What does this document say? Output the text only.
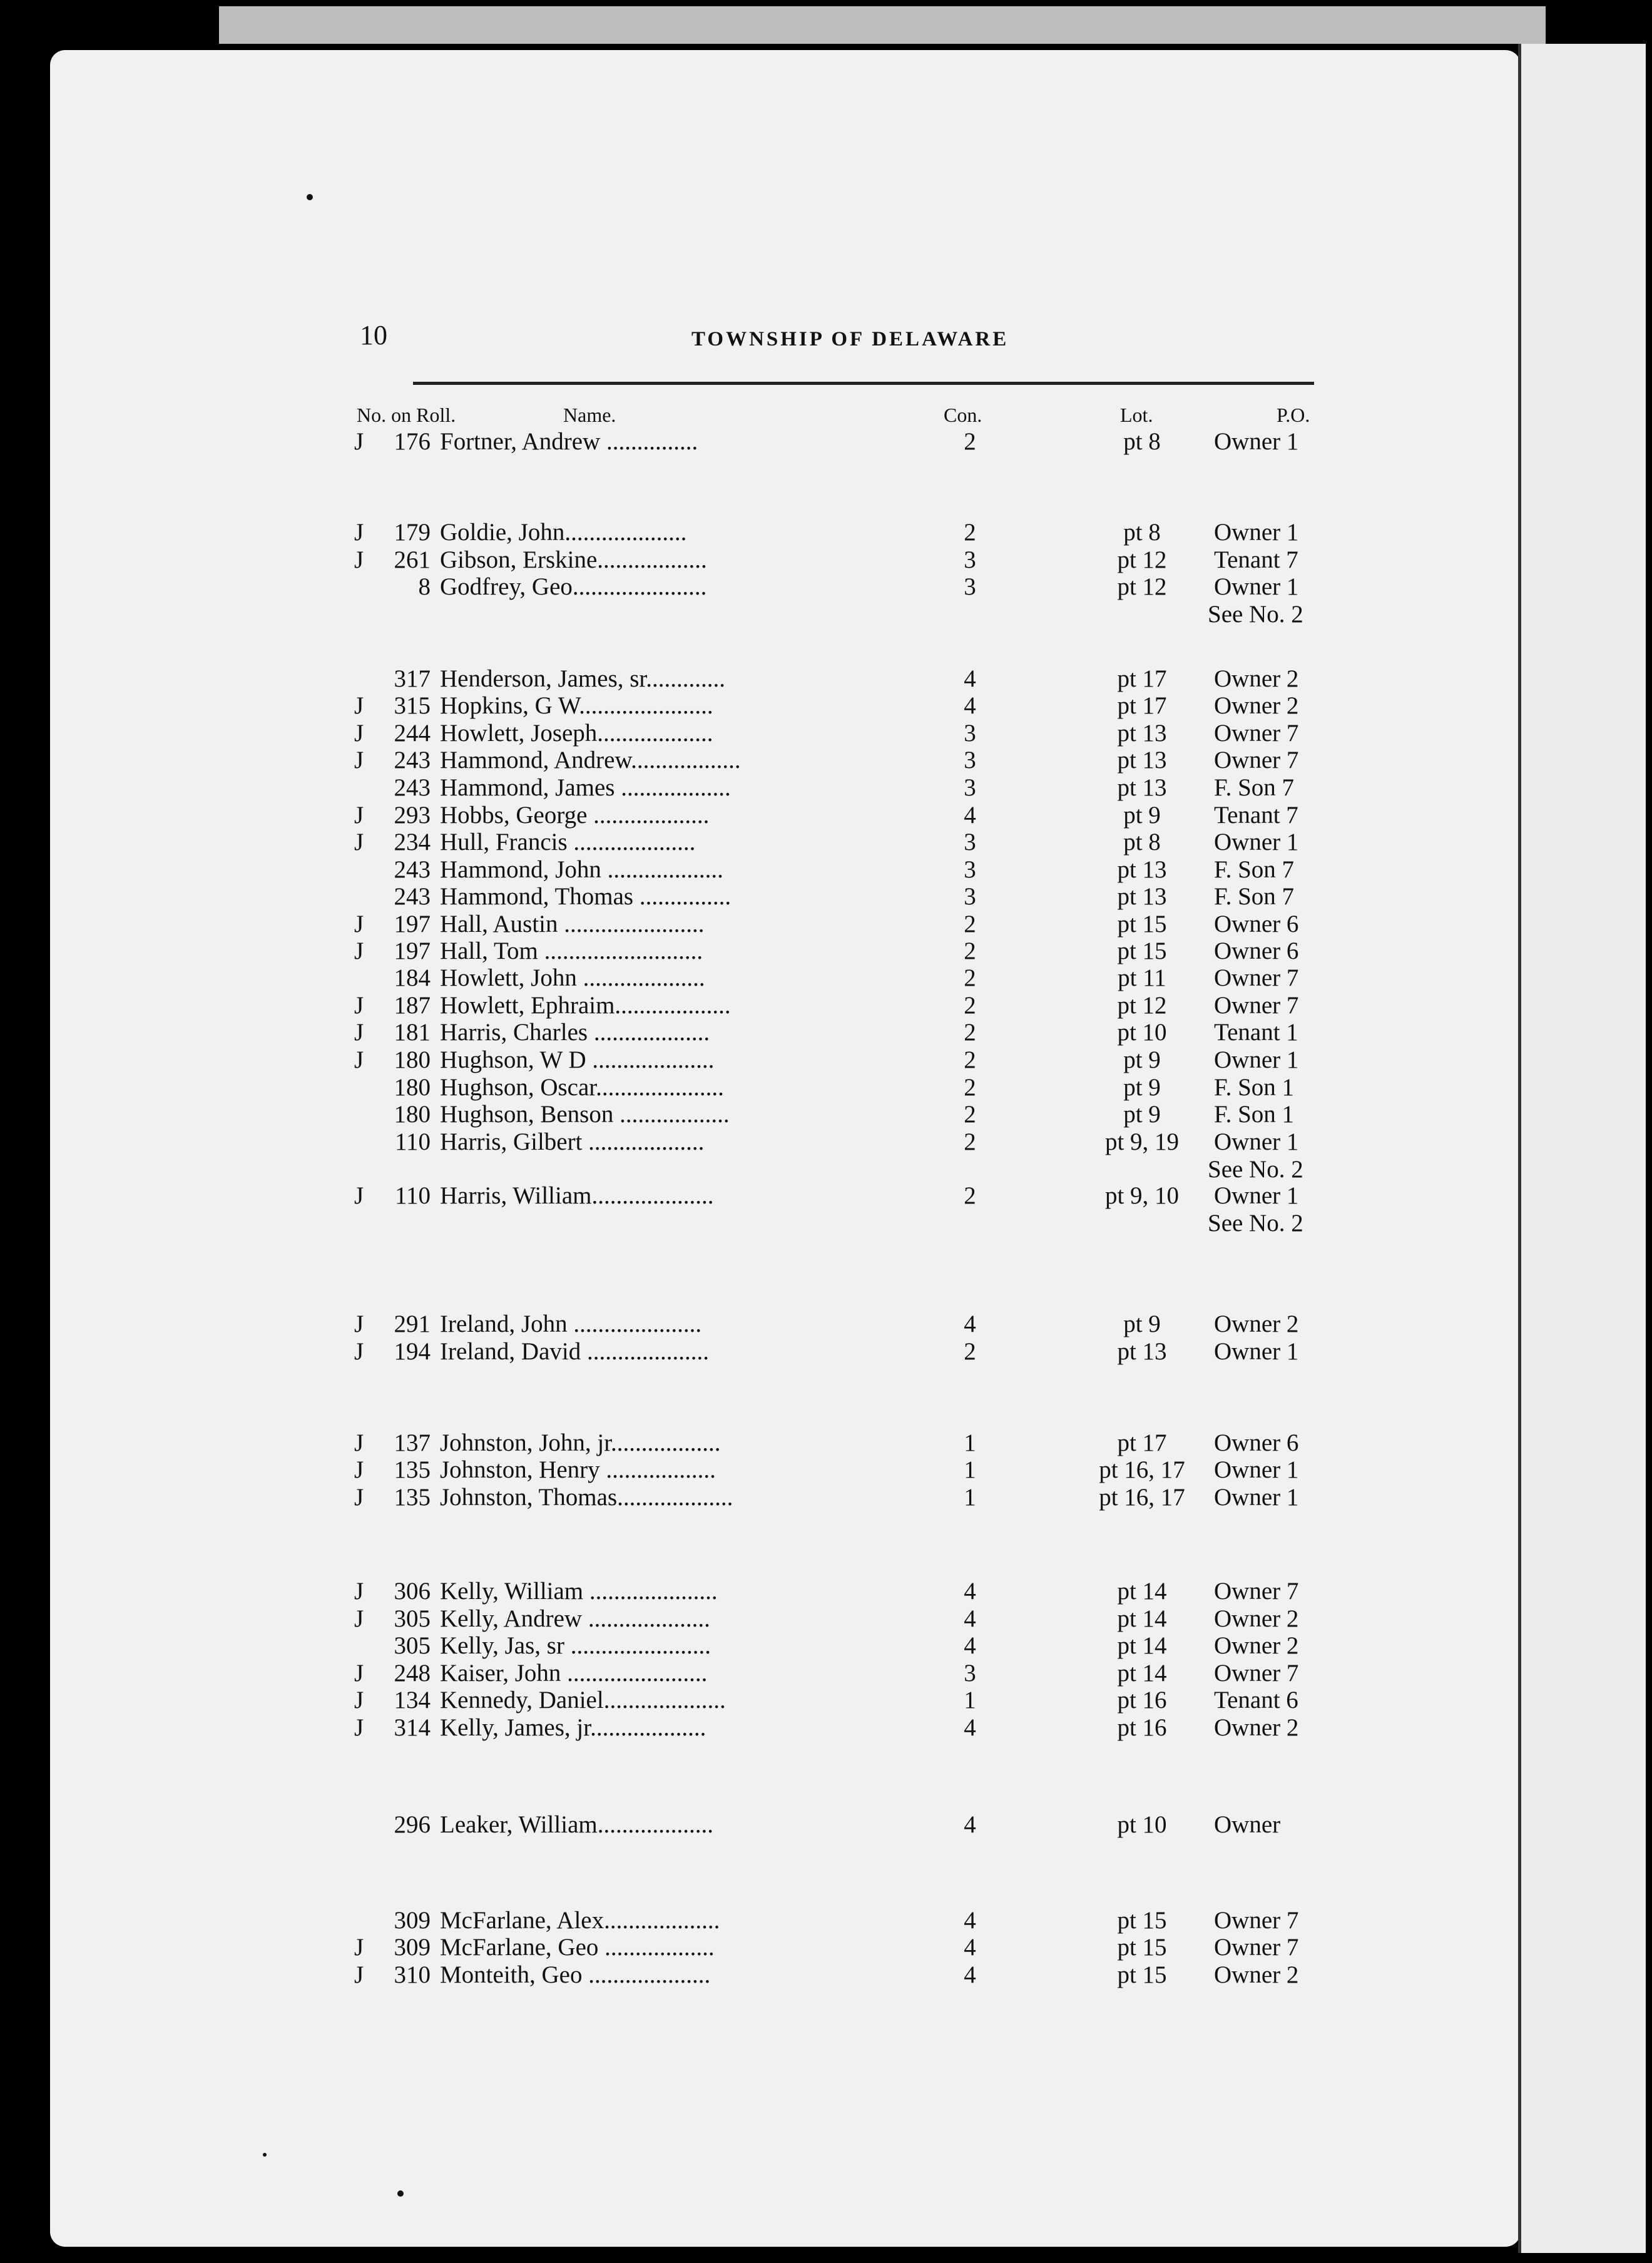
10	TOWNSHIP OF DELAWARE
No. on Roll.	Name.	Con.	Lot.	P.O.
J	176 Fortner, Andrew ...............	2	pt 8	Owner 1
J	179 Goldie, John....................	2	pt 8	Owner 1
J	261 Gibson, Erskine..................	3	pt 12	Tenant 7
8 Godfrey, Geo......................	3	pt 12	Owner 1
See No. 2
317 Henderson, James, sr.............	4	pt 17	Owner 2
J	315 Hopkins, G W......................	4	pt 17	Owner 2
J	244 Howlett, Joseph...................	3	pt 13	Owner 7
J	243 Hammond, Andrew..................	3	pt 13	Owner 7
243 Hammond, James ..................	3	pt 13	F. Son 7
J	293 Hobbs, George ...................	4	pt 9	Tenant 7
J	234 Hull, Francis ....................	3	pt 8	Owner 1
243 Hammond, John ...................	3	pt 13	F. Son 7
243 Hammond, Thomas ...............	3	pt 13	F. Son 7
J	197 Hall, Austin .......................	2	pt 15	Owner 6
J	197 Hall, Tom ..........................	2	pt 15	Owner 6
184 Howlett, John ....................	2	pt 11	Owner 7
J	187 Howlett, Ephraim...................	2	pt 12	Owner 7
J	181 Harris, Charles ...................	2	pt 10	Tenant 1
J	180 Hughson, W D ....................	2	pt 9	Owner 1
180 Hughson, Oscar.....................	2	pt 9	F. Son 1
180 Hughson, Benson ..................	2	pt 9	F. Son 1
110 Harris, Gilbert ...................	2	pt 9, 19	Owner 1
See No. 2
J	110 Harris, William....................	2	pt 9, 10	Owner 1
See No. 2
J	291 Ireland, John .....................	4	pt 9	Owner 2
J	194 Ireland, David ....................	2	pt 13	Owner 1
J	137 Johnston, John, jr..................	1	pt 17	Owner 6
J	135 Johnston, Henry ..................	1	pt 16, 17	Owner 1
J	135 Johnston, Thomas...................	1	pt 16, 17	Owner 1
J	306 Kelly, William .....................	4	pt 14	Owner 7
J	305 Kelly, Andrew ....................	4	pt 14	Owner 2
305 Kelly, Jas, sr .......................	4	pt 14	Owner 2
J	248 Kaiser, John .......................	3	pt 14	Owner 7
J	134 Kennedy, Daniel....................	1	pt 16	Tenant 6
J	314 Kelly, James, jr...................	4	pt 16	Owner 2
296 Leaker, William...................	4	pt 10	Owner
309 McFarlane, Alex...................	4	pt 15	Owner 7
J	309 McFarlane, Geo ..................	4	pt 15	Owner 7
J	310 Monteith, Geo ....................	4	pt 15	Owner 2
